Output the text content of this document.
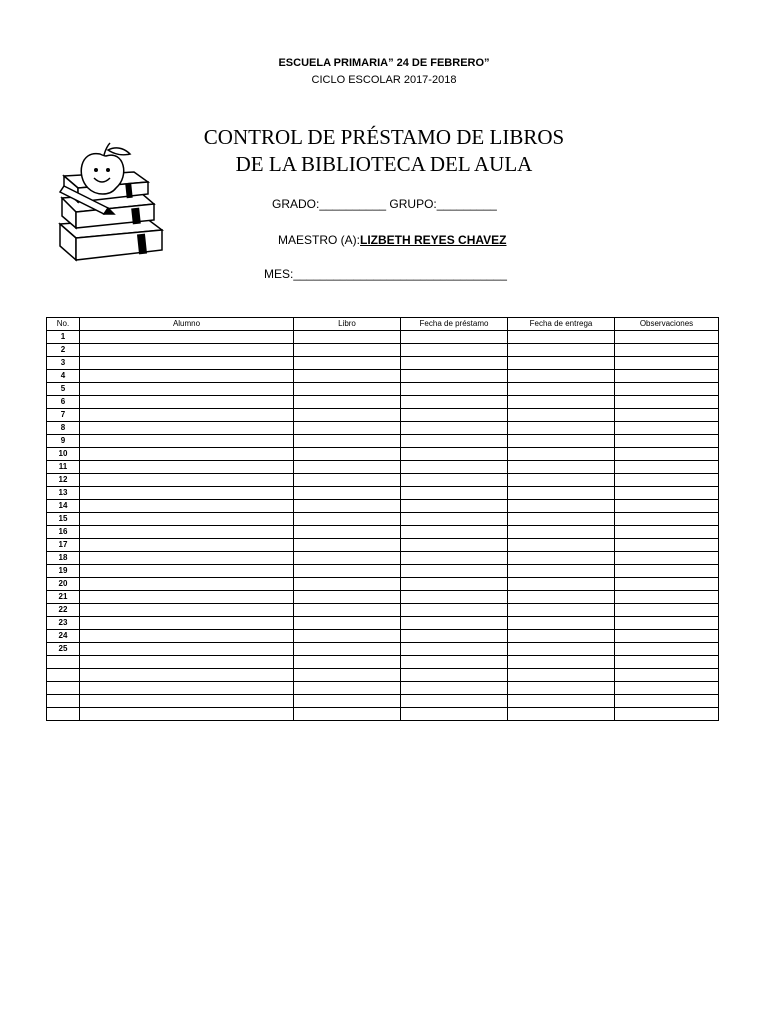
ESCUELA PRIMARIA” 24 DE FEBRERO”
CICLO ESCOLAR 2017-2018
CONTROL DE PRÉSTAMO DE LIBROS
DE LA BIBLIOTECA DEL AULA
GRADO:__________ GRUPO:_________
MAESTRO (A):LIZBETH REYES CHAVEZ
MES:________________________________
No.	Alumno	Libro	Fecha de préstamo	Fecha de entrega	Observaciones
1					
2					
3					
4					
5					
6					
7					
8					
9					
10					
11					
12					
13					
14					
15					
16					
17					
18					
19					
20					
21					
22					
23					
24					
25					
